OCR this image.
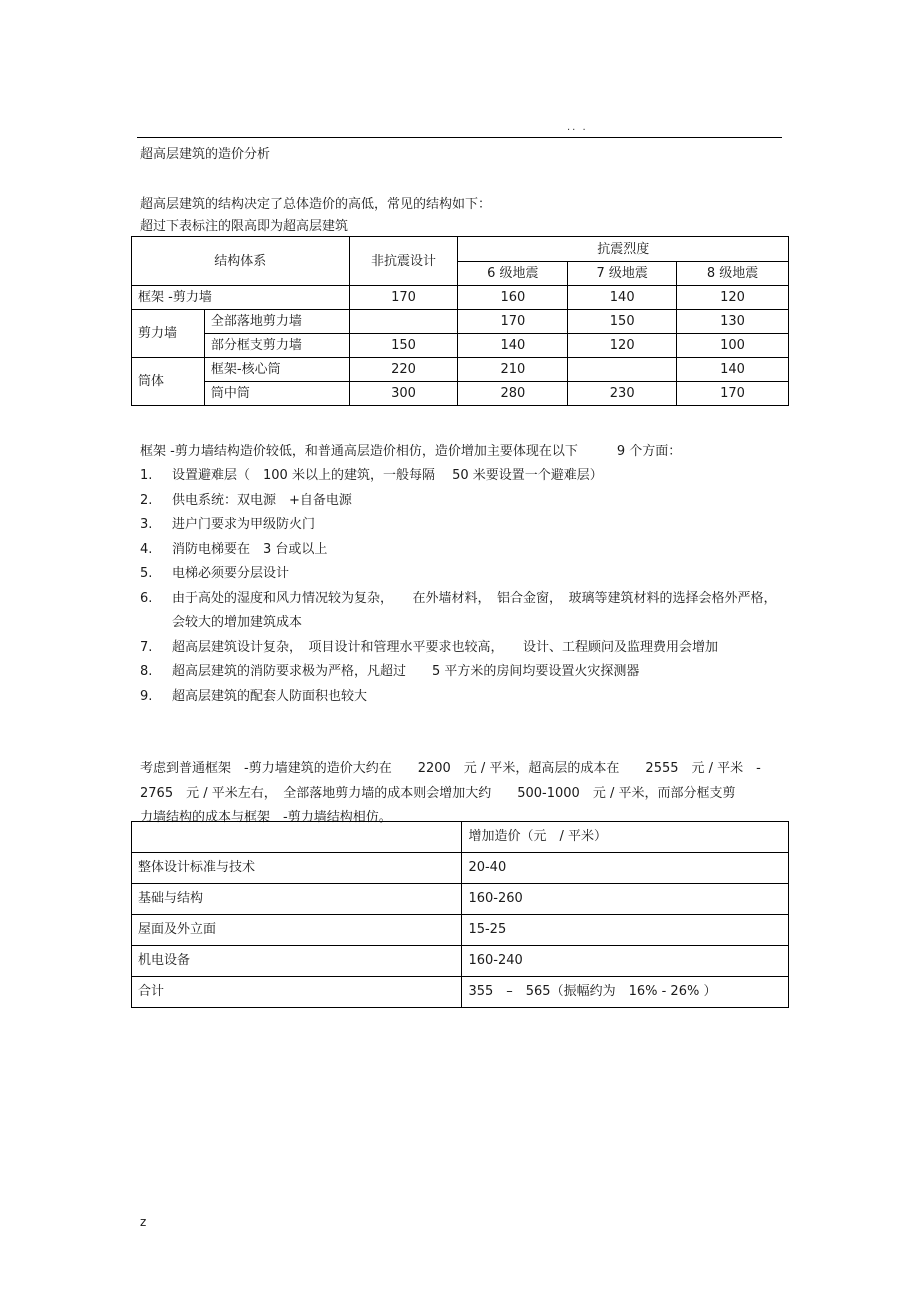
.. .
超高层建筑的造价分析
超高层建筑的结构决定了总体造价的高低，常见的结构如下：
超过下表标注的限高即为超高层建筑
结构体系		非抗震设计	抗震烈度		
			6 级地震	7 级地震	8 级地震
框架 -剪力墙		170	160	140	120
剪力墙	全部落地剪力墙		170	150	130
	部分框支剪力墙	150	140	120	100
筒体	框架-核心筒	220	210		140
	筒中筒	300	280	230	170
框架 -剪力墙结构造价较低，和普通高层造价相仿，造价增加主要体现在以下　　　9 个方面：
1. 设置避难层（　100 米以上的建筑，一般每隔　 50 米要设置一个避难层）
2. 供电系统：双电源　+自备电源
3. 进户门要求为甲级防火门
4. 消防电梯要在　3 台或以上
5. 电梯必须要分层设计
6. 由于高处的湿度和风力情况较为复杂，　　在外墙材料，　铝合金窗，　玻璃等建筑材料的选择会格外严格，会较大的增加建筑成本
7. 超高层建筑设计复杂，　项目设计和管理水平要求也较高，　　设计、工程顾问及监理费用会增加
8. 超高层建筑的消防要求极为严格，凡超过　　5 平方米的房间均要设置火灾探测器
9. 超高层建筑的配套人防面积也较大
考虑到普通框架　-剪力墙建筑的造价大约在　　2200　元 / 平米，超高层的成本在　　2555　元 / 平米　-
2765　元 / 平米左右，　全部落地剪力墙的成本则会增加大约　　500-1000　元 / 平米，而部分框支剪
力墙结构的成本与框架　-剪力墙结构相仿。
	增加造价（元　/ 平米）
整体设计标准与技术	20-40
基础与结构	160-260
屋面及外立面	15-25
机电设备	160-240
合计	355　–　565（振幅约为　16% - 26% ）
z
